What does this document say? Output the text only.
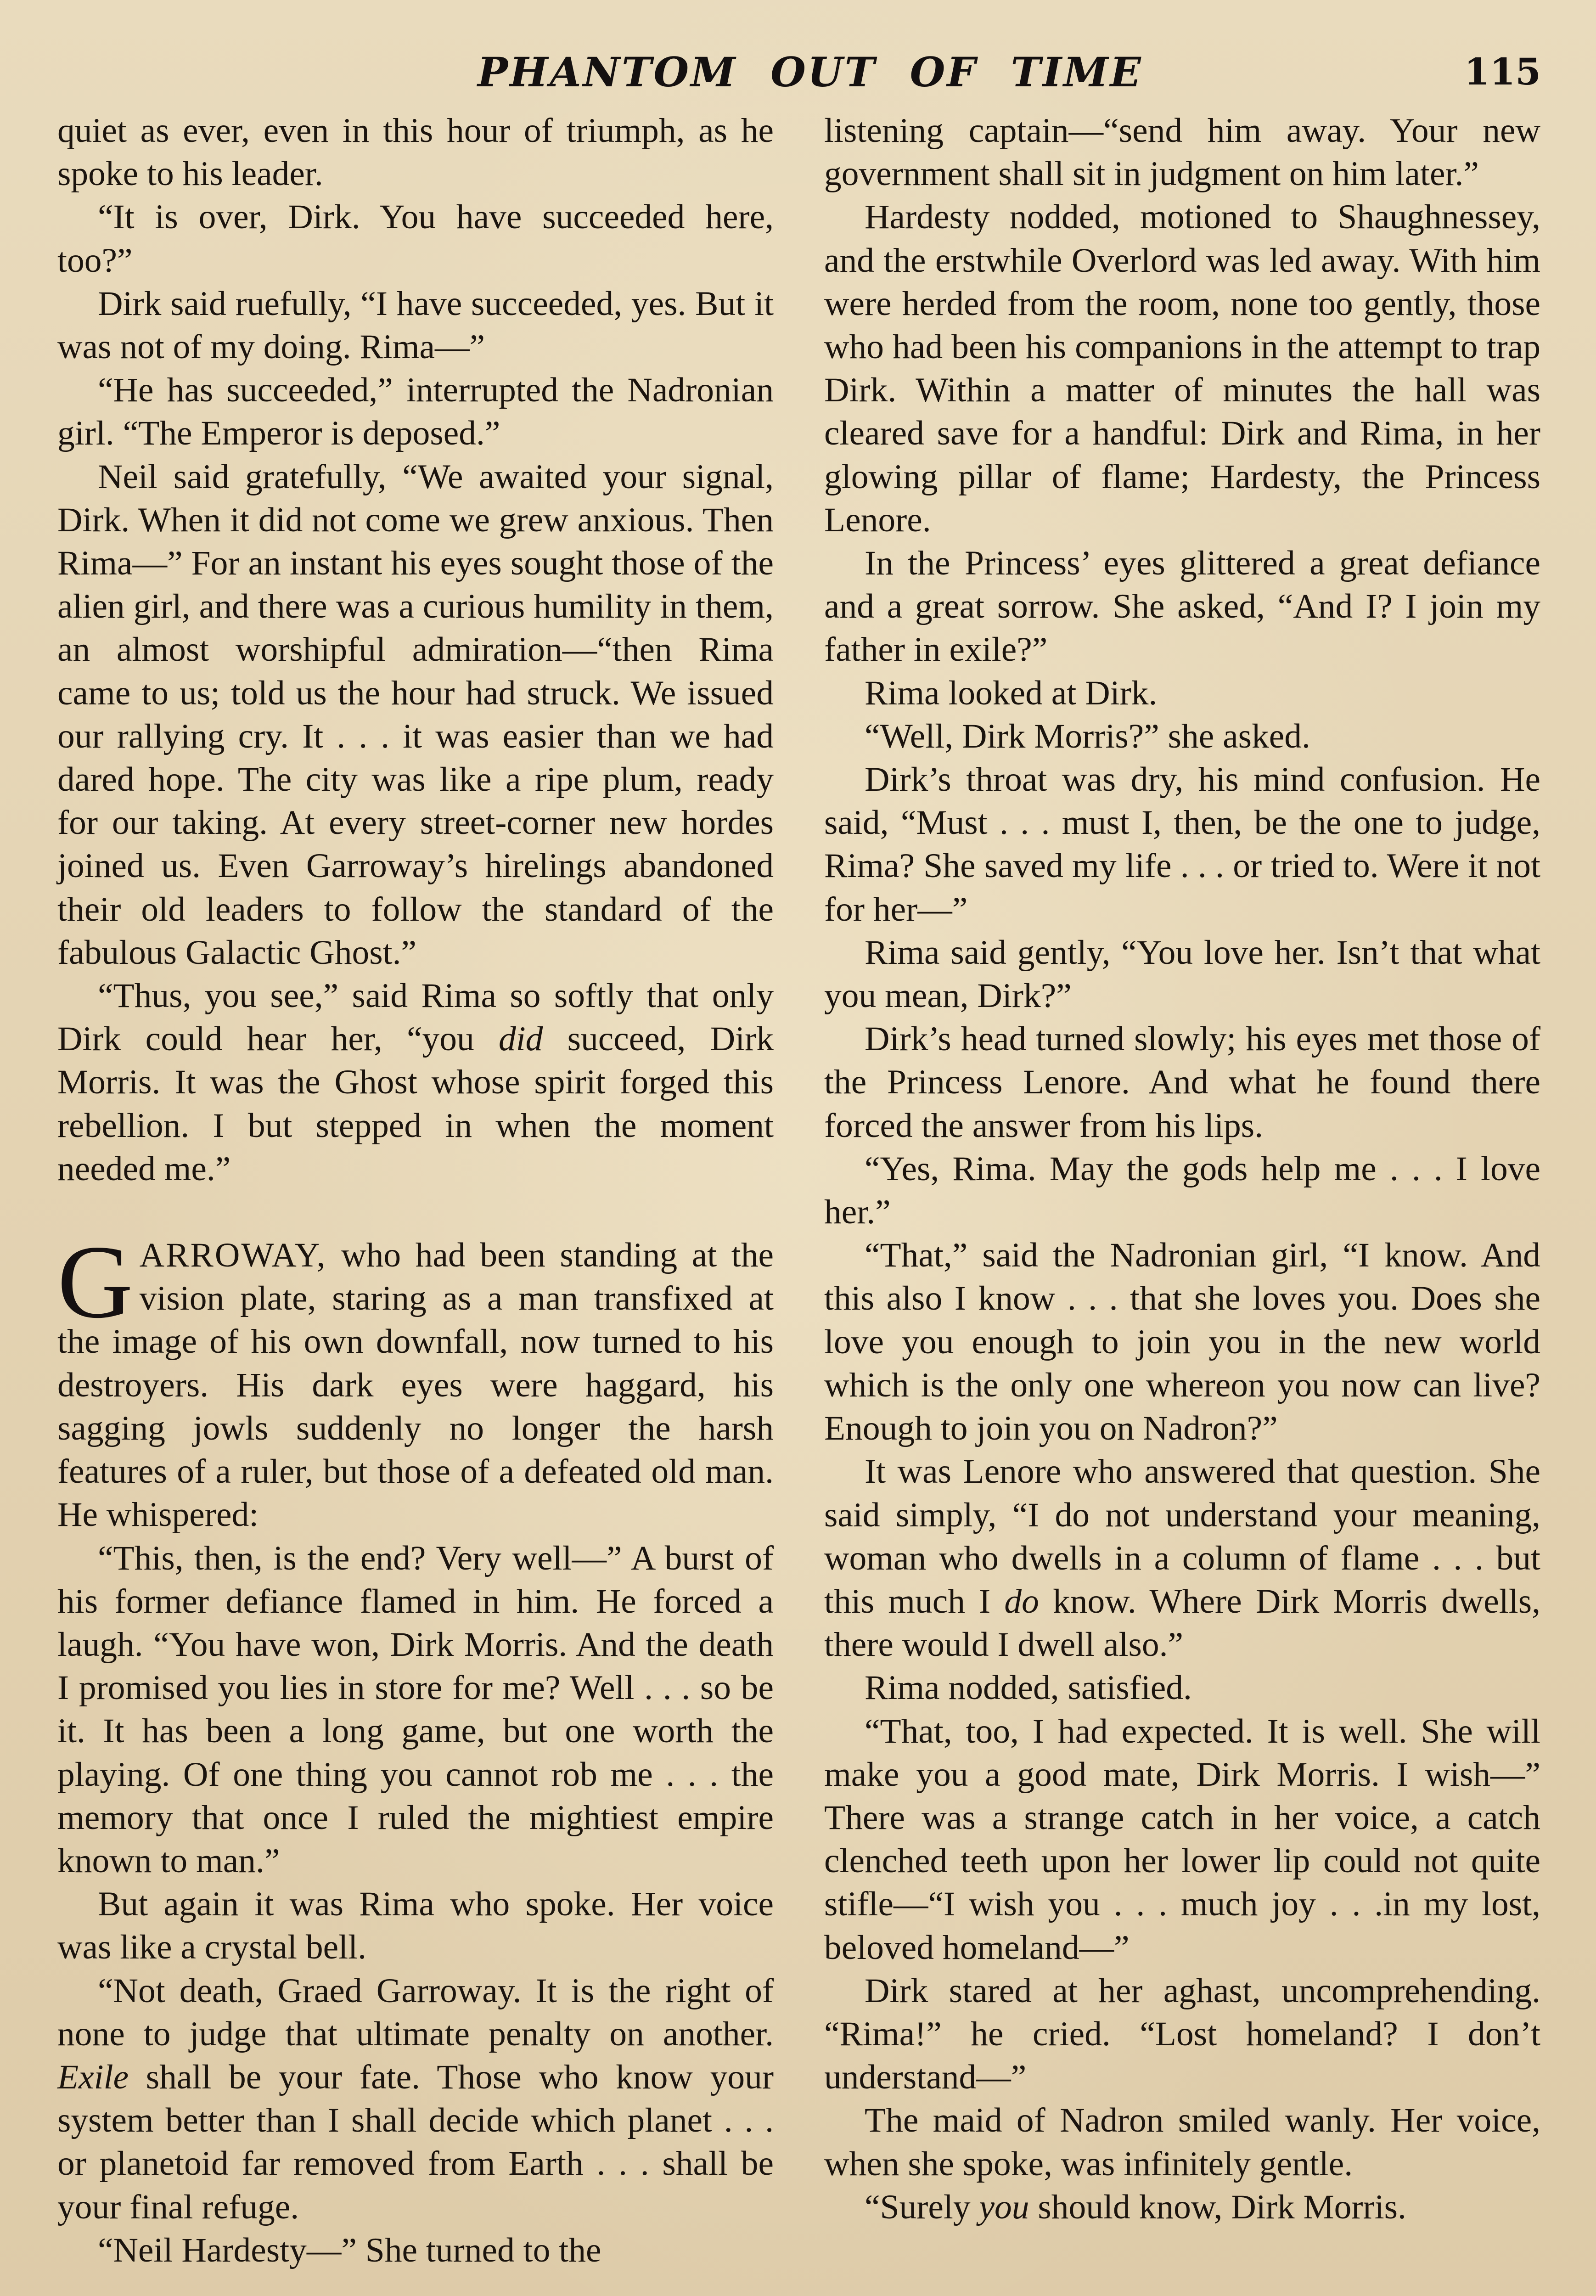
PHANTOM OUT OF TIME	115

quiet as ever, even in this hour of triumph, as he spoke to his leader.

“It is over, Dirk. You have succeeded here, too?”

Dirk said ruefully, “I have succeeded, yes. But it was not of my doing. Rima—”

“He has succeeded,” interrupted the Nadronian girl. “The Emperor is deposed.”

Neil said gratefully, “We awaited your signal, Dirk. When it did not come we grew anxious. Then Rima—” For an instant his eyes sought those of the alien girl, and there was a curious humility in them, an almost worshipful admiration—“then Rima came to us; told us the hour had struck. We issued our rallying cry. It . . . it was easier than we had dared hope. The city was like a ripe plum, ready for our taking. At every street-corner new hordes joined us. Even Garroway’s hirelings abandoned their old leaders to follow the standard of the fabulous Galactic Ghost.”

“Thus, you see,” said Rima so softly that only Dirk could hear her, “you did succeed, Dirk Morris. It was the Ghost whose spirit forged this rebellion. I but stepped in when the moment needed me.”

GARROWAY, who had been standing at the vision plate, staring as a man transfixed at the image of his own downfall, now turned to his destroyers. His dark eyes were haggard, his sagging jowls suddenly no longer the harsh features of a ruler, but those of a defeated old man. He whispered:

“This, then, is the end? Very well—” A burst of his former defiance flamed in him. He forced a laugh. “You have won, Dirk Morris. And the death I promised you lies in store for me? Well . . . so be it. It has been a long game, but one worth the playing. Of one thing you cannot rob me . . . the memory that once I ruled the mightiest empire known to man.”

But again it was Rima who spoke. Her voice was like a crystal bell.

“Not death, Graed Garroway. It is the right of none to judge that ultimate penalty on another. Exile shall be your fate. Those who know your system better than I shall decide which planet . . . or planetoid far removed from Earth . . . shall be your final refuge.

“Neil Hardesty—” She turned to the

listening captain—“send him away. Your new government shall sit in judgment on him later.”

Hardesty nodded, motioned to Shaughnessey, and the erstwhile Overlord was led away. With him were herded from the room, none too gently, those who had been his companions in the attempt to trap Dirk. Within a matter of minutes the hall was cleared save for a handful: Dirk and Rima, in her glowing pillar of flame; Hardesty, the Princess Lenore.

In the Princess’ eyes glittered a great defiance and a great sorrow. She asked, “And I? I join my father in exile?”

Rima looked at Dirk.

“Well, Dirk Morris?” she asked.

Dirk’s throat was dry, his mind confusion. He said, “Must . . . must I, then, be the one to judge, Rima? She saved my life . . . or tried to. Were it not for her—”

Rima said gently, “You love her. Isn’t that what you mean, Dirk?”

Dirk’s head turned slowly; his eyes met those of the Princess Lenore. And what he found there forced the answer from his lips.

“Yes, Rima. May the gods help me . . . I love her.”

“That,” said the Nadronian girl, “I know. And this also I know . . . that she loves you. Does she love you enough to join you in the new world which is the only one whereon you now can live? Enough to join you on Nadron?”

It was Lenore who answered that question. She said simply, “I do not understand your meaning, woman who dwells in a column of flame . . . but this much I do know. Where Dirk Morris dwells, there would I dwell also.”

Rima nodded, satisfied.

“That, too, I had expected. It is well. She will make you a good mate, Dirk Morris. I wish—” There was a strange catch in her voice, a catch clenched teeth upon her lower lip could not quite stifle—“I wish you . . . much joy . . .in my lost, beloved homeland—”

Dirk stared at her aghast, uncomprehending. “Rima!” he cried. “Lost homeland? I don’t understand—”

The maid of Nadron smiled wanly. Her voice, when she spoke, was infinitely gentle.

“Surely you should know, Dirk Morris.
